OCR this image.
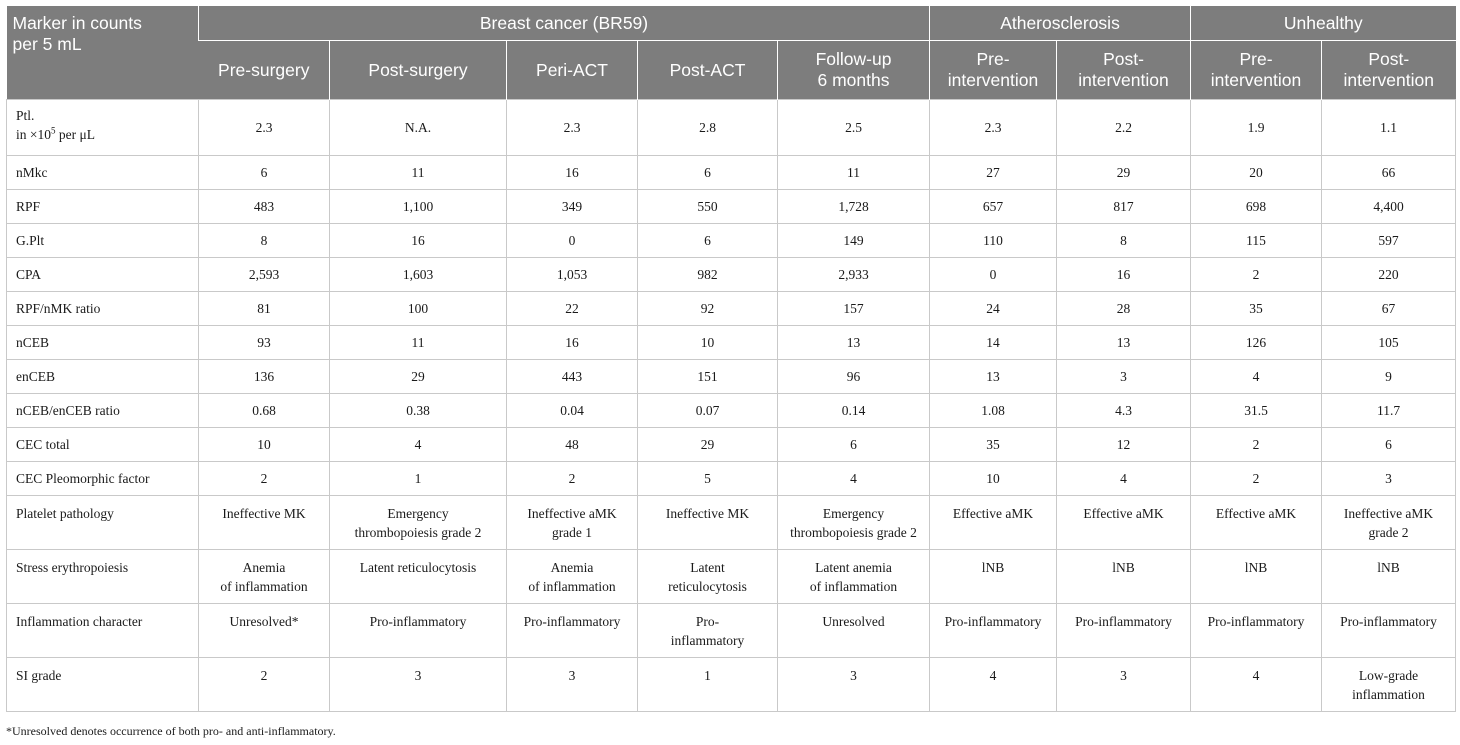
Marker in counts
per 5 mL	Breast cancer (BR59)					Atherosclerosis		Unhealthy	

	Pre-surgery	Post-surgery	Peri-ACT	Post-ACT	Follow-up
6 months	Pre-
intervention	Post-
intervention	Pre-
intervention	Post-
intervention

Ptl.
in $\times 10^5$ per μL	2.3	N.A.	2.3	2.8	2.5	2.3	2.2	1.9	1.1

nMkc	6	11	16	6	11	27	29	20	66

RPF	483	1,100	349	550	1,728	657	817	698	4,400

G.Plt	8	16	0	6	149	110	8	115	597

CPA	2,593	1,603	1,053	982	2,933	0	16	2	220

RPF/nMK ratio	81	100	22	92	157	24	28	35	67

nCEB	93	11	16	10	13	14	13	126	105

enCEB	136	29	443	151	96	13	3	4	9

nCEB/enCEB ratio	0.68	0.38	0.04	0.07	0.14	1.08	4.3	31.5	11.7

CEC total	10	4	48	29	6	35	12	2	6

CEC Pleomorphic factor	2	1	2	5	4	10	4	2	3

Platelet pathology	Ineffective MK	Emergency
thrombopoiesis grade 2	Ineffective aMK
grade 1	Ineffective MK	Emergency
thrombopoiesis grade 2	Effective aMK	Effective aMK	Effective aMK	Ineffective aMK
grade 2

Stress erythropoiesis	Anemia
of inflammation	Latent reticulocytosis	Anemia
of inflammation	Latent
reticulocytosis	Latent anemia
of inflammation	lNB	lNB	lNB	lNB

Inflammation character	Unresolved*	Pro-inflammatory	Pro-inflammatory	Pro-
inflammatory	Unresolved	Pro-inflammatory	Pro-inflammatory	Pro-inflammatory	Pro-inflammatory

SI grade	2	3	3	1	3	4	3	4	Low-grade
inflammation
*Unresolved denotes occurrence of both pro- and anti-inflammatory.
